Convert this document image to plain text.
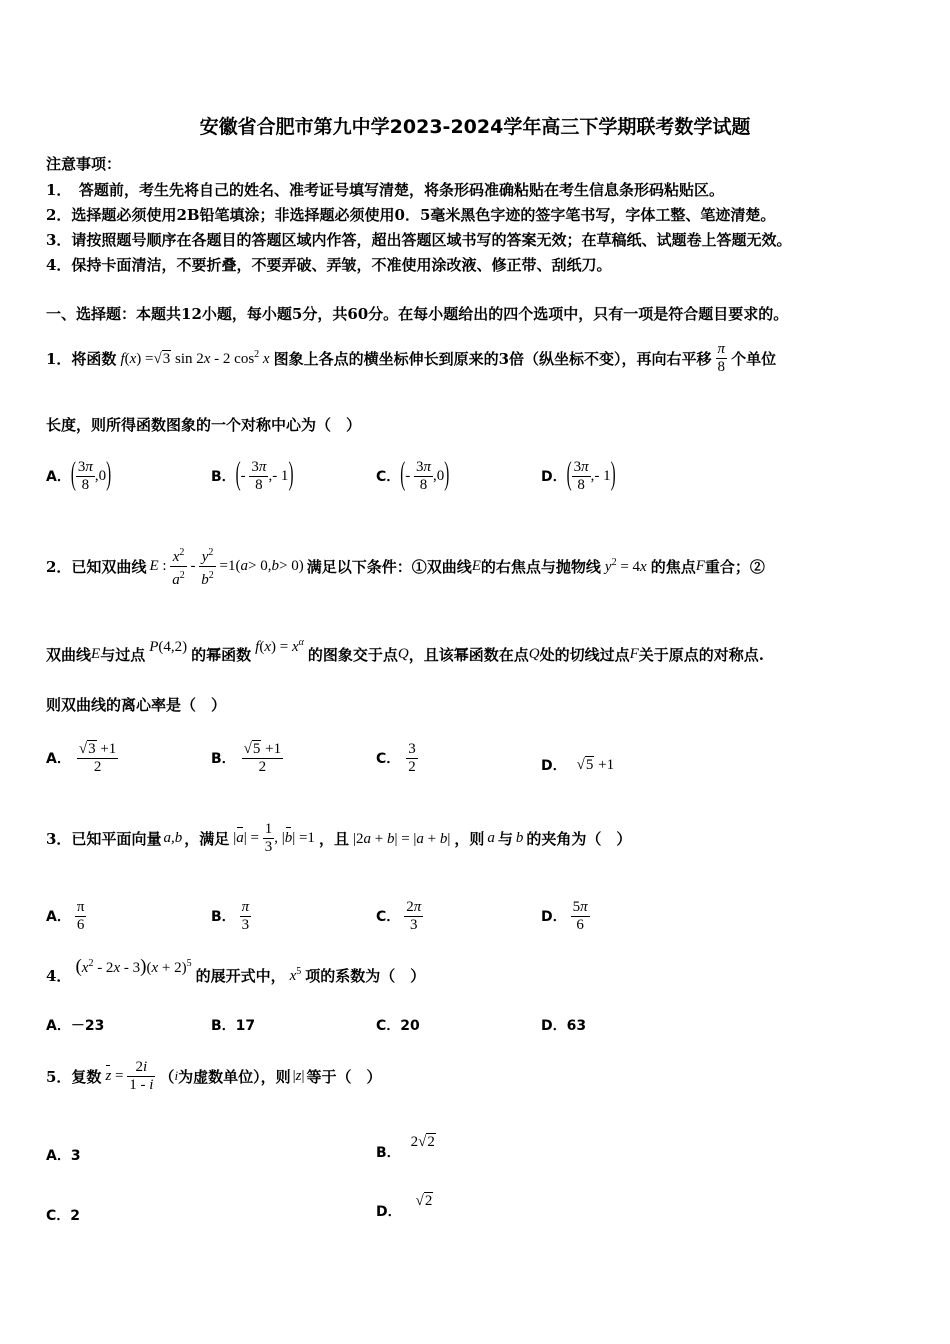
安徽省合肥市第九中学2023-2024学年高三下学期联考数学试题
注意事项：
1．　答题前，考生先将自己的姓名、准考证号填写清楚，将条形码准确粘贴在考生信息条形码粘贴区。
2．选择题必须使用2B铅笔填涂；非选择题必须使用0．5毫米黑色字迹的签字笔书写，字体工整、笔迹清楚。
3．请按照题号顺序在各题目的答题区域内作答，超出答题区域书写的答案无效；在草稿纸、试题卷上答题无效。
4．保持卡面清洁，不要折叠，不要弄破、弄皱，不准使用涂改液、修正带、刮纸刀。
一、选择题：本题共12小题，每小题5分，共60分。在每小题给出的四个选项中，只有一项是符合题目要求的。
1．将函数 f(x) =√3 sin 2x - 2 $\cos^2 x$ 图象上各点的横坐标伸长到原来的3倍（纵坐标不变），再向右平移 $\frac{\pi}{8}$ 个单位
长度，则所得函数图象的一个对称中心为（　）
A． ( $\frac{3\pi}{8} ,0$ )	B． ( - $\frac{3\pi}{8}$ ,- 1 )	C． ( - $\frac{3\pi}{8} ,0$ )	D． ( $\frac{3\pi}{8}$ ,- 1 )
2．已知双曲线 E : $\frac{x^2}{a^2} - \frac{y^2}{b^2} =1$( a > 0, b > 0) 满足以下条件：①双曲线 E 的右焦点与抛物线 $y^2 = 4x$ 的焦点 F 重合；②
双曲线 E 与过点 P(4,2) 的幂函数 $f(x) = x^\alpha$
的图象交于点 Q ，且该幂函数在点 Q 处的切线过点 F 关于原点的对称点.
则双曲线的离心率是（　）
A． $\frac{√3 +1}{2}$	B． $\frac{√5 +1}{2}$	C． $\frac{3}{2}$	D． √5 +1
3．已知平面向量 a,b ，满足 | a | = $\frac{1}{3}$ , | b | =1 ，且 |2a + b| = |a + b| ，则 a 与 b 的夹角为（　）
A． $\frac{\pi}{6}$	B． $\frac{\pi}{3}$	C． $\frac{2\pi}{3}$	D． $\frac{5\pi}{6}$
4． $(x^2 - 2x - 3)(x + 2)^5$
的展开式中， $x^5$ 项的系数为（　）
A．－23	B．17	C．20	D．63
5．复数 $z = \frac{2i}{1 - i}$ （ i 为虚数单位），则 |z| 等于（　）
A．3	B．
2√2
C．2	D．
√2
